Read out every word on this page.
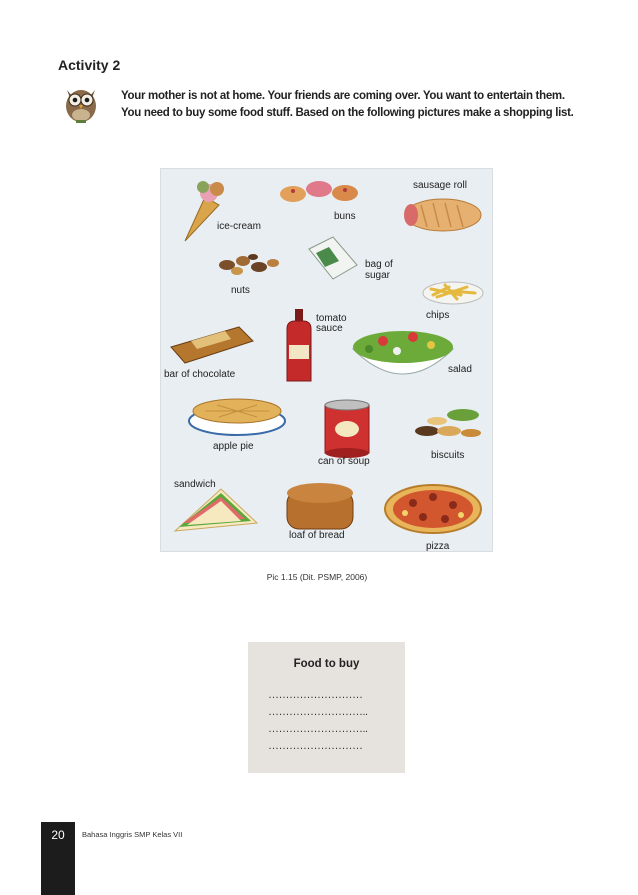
Activity 2
Your mother is not at home. Your friends are coming over. You want to entertain them. You need to buy some food stuff. Based on the following pictures make a shopping list.
ice-cream
buns
sausage roll
bag of
sugar
nuts
chips
tomato
sauce
bar of chocolate	salad
apple pie
can of soup
biscuits
sandwich
loaf of bread
pizza
Pic 1.15 (Dit. PSMP, 2006)
Food to buy
………………………
………………………..
………………………..
………………………
20	Bahasa Inggris SMP Kelas VII
